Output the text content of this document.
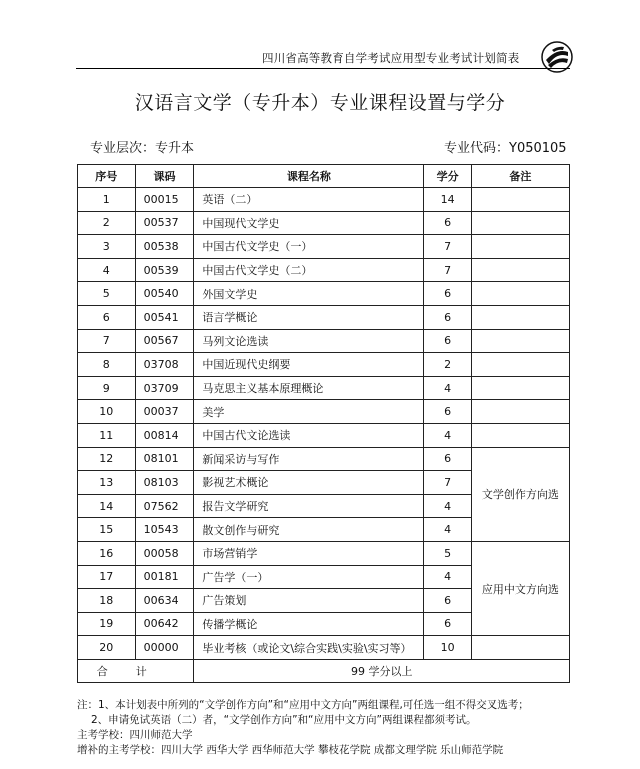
四川省高等教育自学考试应用型专业考试计划简表
汉语言文学（专升本）专业课程设置与学分
专业层次：专升本	专业代码：Y050105
序号	课码	课程名称	学分	备注
1	00015	英语（二）	14	
2	00537	中国现代文学史	6	
3	00538	中国古代文学史（一）	7	
4	00539	中国古代文学史（二）	7	
5	00540	外国文学史	6	
6	00541	语言学概论	6	
7	00567	马列文论选读	6	
8	03708	中国近现代史纲要	2	
9	03709	马克思主义基本原理概论	4	
10	00037	美学	6	
11	00814	中国古代文论选读	4	
12	08101	新闻采访与写作	6	文学创作方向选
13	08103	影视艺术概论	7	
14	07562	报告文学研究	4	
15	10543	散文创作与研究	4	
16	00058	市场营销学	5	应用中文方向选
17	00181	广告学（一）	4	
18	00634	广告策划	6	
19	00642	传播学概论	6	
20	00000	毕业考核（或论文\综合实践\实验\实习等）	10	
合计		99 学分以上		
注：1、本计划表中所列的“文学创作方向”和“应用中文方向”两组课程,可任选一组不得交叉选考；
2、申请免试英语（二）者，“文学创作方向”和“应用中文方向”两组课程都须考试。
主考学校：四川师范大学
增补的主考学校：四川大学 西华大学 西华师范大学 攀枝花学院 成都文理学院 乐山师范学院
